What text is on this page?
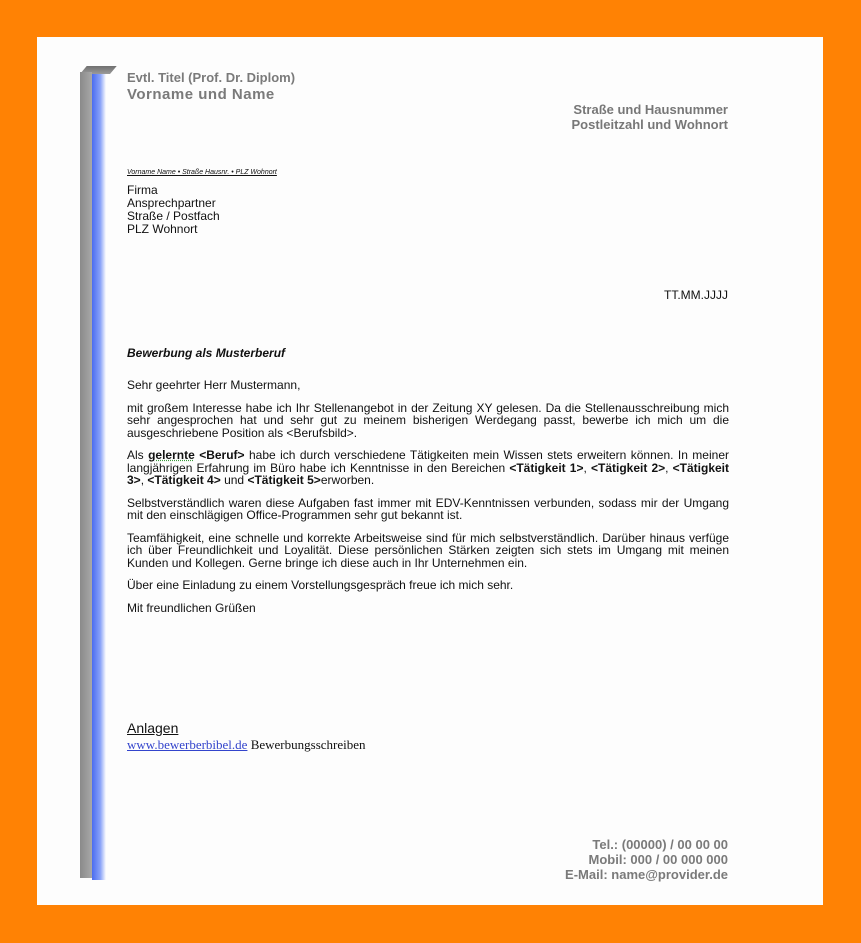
Evtl. Titel (Prof. Dr. Diplom)
Vorname und Name
Straße und Hausnummer
Postleitzahl und Wohnort
Vorname Name • Straße Hausnr. • PLZ Wohnort
Firma
Ansprechpartner
Straße / Postfach
PLZ Wohnort
TT.MM.JJJJ
Bewerbung als Musterberuf

Sehr geehrter Herr Mustermann,

mit großem Interesse habe ich Ihr Stellenangebot in der Zeitung XY gelesen. Da die Stellenausschreibung mich sehr angesprochen hat und sehr gut zu meinem bisherigen Werdegang passt, bewerbe ich mich um die ausgeschriebene Position als <Berufsbild>.

Als gelernte <Beruf> habe ich durch verschiedene Tätigkeiten mein Wissen stets erweitern können. In meiner langjährigen Erfahrung im Büro habe ich Kenntnisse in den Bereichen <Tätigkeit 1>, <Tätigkeit 2>, <Tätigkeit 3>, <Tätigkeit 4> und <Tätigkeit 5>erworben.

Selbstverständlich waren diese Aufgaben fast immer mit EDV-Kenntnissen verbunden, sodass mir der Umgang mit den einschlägigen Office-Programmen sehr gut bekannt ist.

Teamfähigkeit, eine schnelle und korrekte Arbeitsweise sind für mich selbstverständlich. Darüber hinaus verfüge ich über Freundlichkeit und Loyalität. Diese persönlichen Stärken zeigten sich stets im Umgang mit meinen Kunden und Kollegen. Gerne bringe ich diese auch in Ihr Unternehmen ein.

Über eine Einladung zu einem Vorstellungsgespräch freue ich mich sehr.

Mit freundlichen Grüßen

Anlagen
www.bewerberbibel.de Bewerbungsschreiben
Tel.: (00000) / 00 00 00
Mobil: 000 / 00 000 000
E-Mail: name@provider.de
